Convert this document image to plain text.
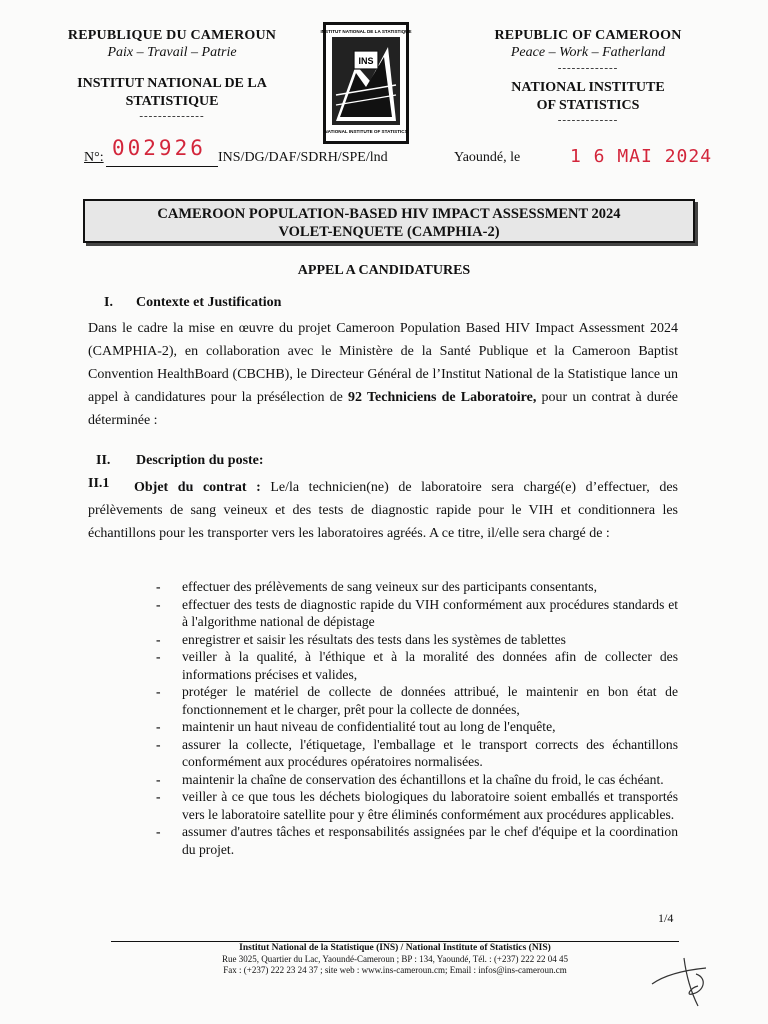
REPUBLIQUE DU CAMEROUN
Paix – Travail – Patrie
INSTITUT NATIONAL DE LA STATISTIQUE
--------------
INSTITUT NATIONAL DE LA STATISTIQUE
INS
NATIONAL INSTITUTE OF STATISTICS
REPUBLIC OF CAMEROON
Peace – Work – Fatherland
-------------
NATIONAL INSTITUTE
OF STATISTICS
-------------
N°: 002926 INS/DG/DAF/SDRH/SPE/lnd	Yaoundé, le	1 6 MAI 2024
CAMEROON POPULATION-BASED HIV IMPACT ASSESSMENT 2024
VOLET-ENQUETE (CAMPHIA-2)
APPEL A CANDIDATURES
I. Contexte et Justification
Dans le cadre la mise en œuvre du projet Cameroon Population Based HIV Impact Assessment 2024 (CAMPHIA-2), en collaboration avec le Ministère de la Santé Publique et la Cameroon Baptist Convention HealthBoard (CBCHB), le Directeur Général de l’Institut National de la Statistique lance un appel à candidatures pour la présélection de 92 Techniciens de Laboratoire, pour un contrat à durée déterminée :
II. Description du poste:
II.1	Objet du contrat : Le/la technicien(ne) de laboratoire sera chargé(e) d’effectuer, des prélèvements de sang veineux et des tests de diagnostic rapide pour le VIH et conditionnera les échantillons pour les transporter vers les laboratoires agréés. A ce titre, il/elle sera chargé de :
- effectuer des prélèvements de sang veineux sur des participants consentants,
- effectuer des tests de diagnostic rapide du VIH conformément aux procédures standards et à l'algorithme national de dépistage
- enregistrer et saisir les résultats des tests dans les systèmes de tablettes
- veiller à la qualité, à l'éthique et à la moralité des données afin de collecter des informations précises et valides,
- protéger le matériel de collecte de données attribué, le maintenir en bon état de fonctionnement et le charger, prêt pour la collecte de données,
- maintenir un haut niveau de confidentialité tout au long de l'enquête,
- assurer la collecte, l'étiquetage, l'emballage et le transport corrects des échantillons conformément aux procédures opératoires normalisées.
- maintenir la chaîne de conservation des échantillons et la chaîne du froid, le cas échéant.
- veiller à ce que tous les déchets biologiques du laboratoire soient emballés et transportés vers le laboratoire satellite pour y être éliminés conformément aux procédures applicables.
- assumer d'autres tâches et responsabilités assignées par le chef d'équipe et la coordination du projet.
1/4
Institut National de la Statistique (INS) / National Institute of Statistics (NIS)
Rue 3025, Quartier du Lac, Yaoundé-Cameroun ; BP : 134, Yaoundé, Tél. : (+237) 222 22 04 45
Fax : (+237) 222 23 24 37 ; site web : www.ins-cameroun.cm; Email : infos@ins-cameroun.cm
